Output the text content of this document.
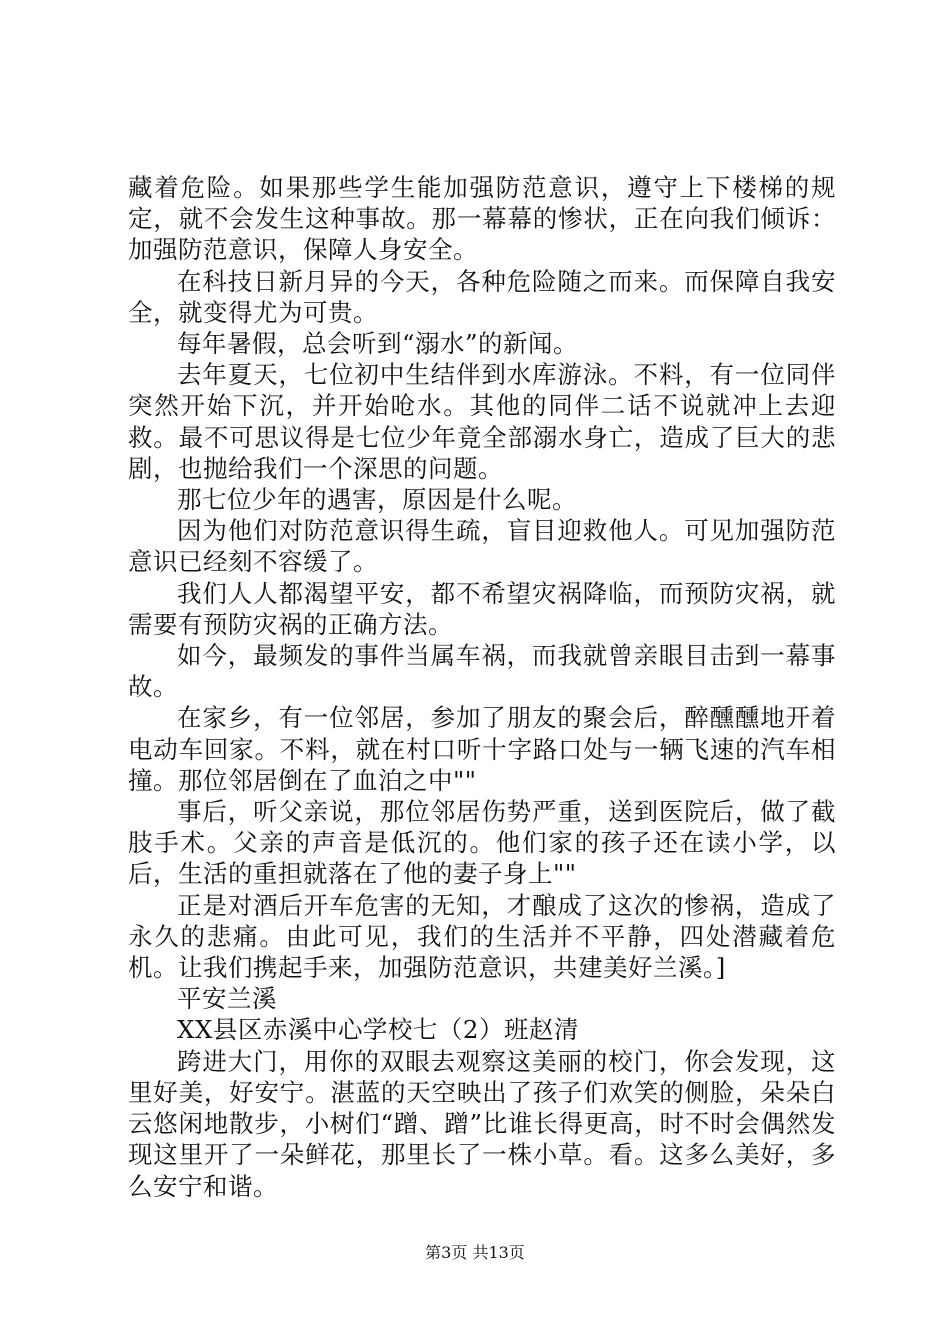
藏着危险。如果那些学生能加强防范意识，遵守上下楼梯的规定，就不会发生这种事故。那一幕幕的惨状，正在向我们倾诉：加强防范意识，保障人身安全。

在科技日新月异的今天，各种危险随之而来。而保障自我安全，就变得尤为可贵。

每年暑假，总会听到“溺水”的新闻。

去年夏天，七位初中生结伴到水库游泳。不料，有一位同伴突然开始下沉，并开始呛水。其他的同伴二话不说就冲上去迎救。最不可思议得是七位少年竟全部溺水身亡，造成了巨大的悲剧，也抛给我们一个深思的问题。

那七位少年的遇害，原因是什么呢。

因为他们对防范意识得生疏，盲目迎救他人。可见加强防范意识已经刻不容缓了。

我们人人都渴望平安，都不希望灾祸降临，而预防灾祸，就需要有预防灾祸的正确方法。

如今，最频发的事件当属车祸，而我就曾亲眼目击到一幕事故。

在家乡，有一位邻居，参加了朋友的聚会后，醉醺醺地开着电动车回家。不料，就在村口听十字路口处与一辆飞速的汽车相撞。那位邻居倒在了血泊之中""

事后，听父亲说，那位邻居伤势严重，送到医院后，做了截肢手术。父亲的声音是低沉的。他们家的孩子还在读小学，以后，生活的重担就落在了他的妻子身上""

正是对酒后开车危害的无知，才酿成了这次的惨祸，造成了永久的悲痛。由此可见，我们的生活并不平静，四处潜藏着危机。让我们携起手来，加强防范意识，共建美好兰溪。]

平安兰溪

XX县区赤溪中心学校七（2）班赵清

跨进大门，用你的双眼去观察这美丽的校门，你会发现，这里好美，好安宁。湛蓝的天空映出了孩子们欢笑的侧脸，朵朵白云悠闲地散步，小树们“蹭、蹭”比谁长得更高，时不时会偶然发现这里开了一朵鲜花，那里长了一株小草。看。这多么美好，多么安宁和谐。

第3页 共13页
